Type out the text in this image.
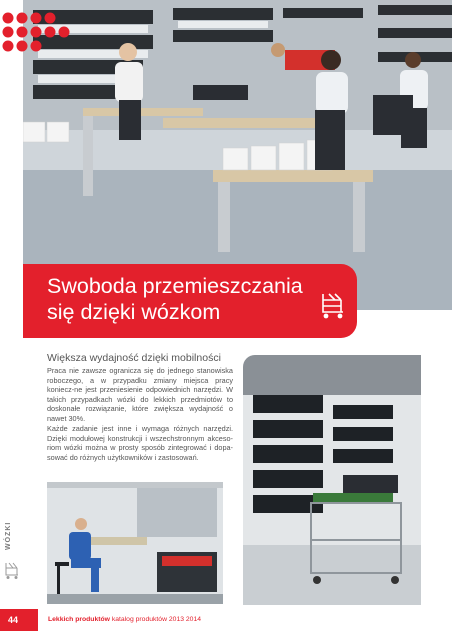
Swoboda przemieszczania się dzięki wózkom
WÓZKI
Większa wydajność dzięki mobilności
Praca nie zawsze ogranicza się do jednego stanowiska roboczego, a w przypadku zmiany miejsca pracy koniecz-ne jest przeniesienie odpowiednich narzędzi. W takich przypadkach wózki do lekkich przedmiotów to doskonałe rozwiązanie, które zwiększa wydajność o nawet 30%.
Każde zadanie jest inne i wymaga różnych narzędzi. Dzięki modułowej konstrukcji i wszechstronnym akceso-riom wózki można w prosty sposób zintegrować i dopa-sować do różnych użytkowników i zastosowań.
44	Lekkich produktów katalog produktów 2013 2014
